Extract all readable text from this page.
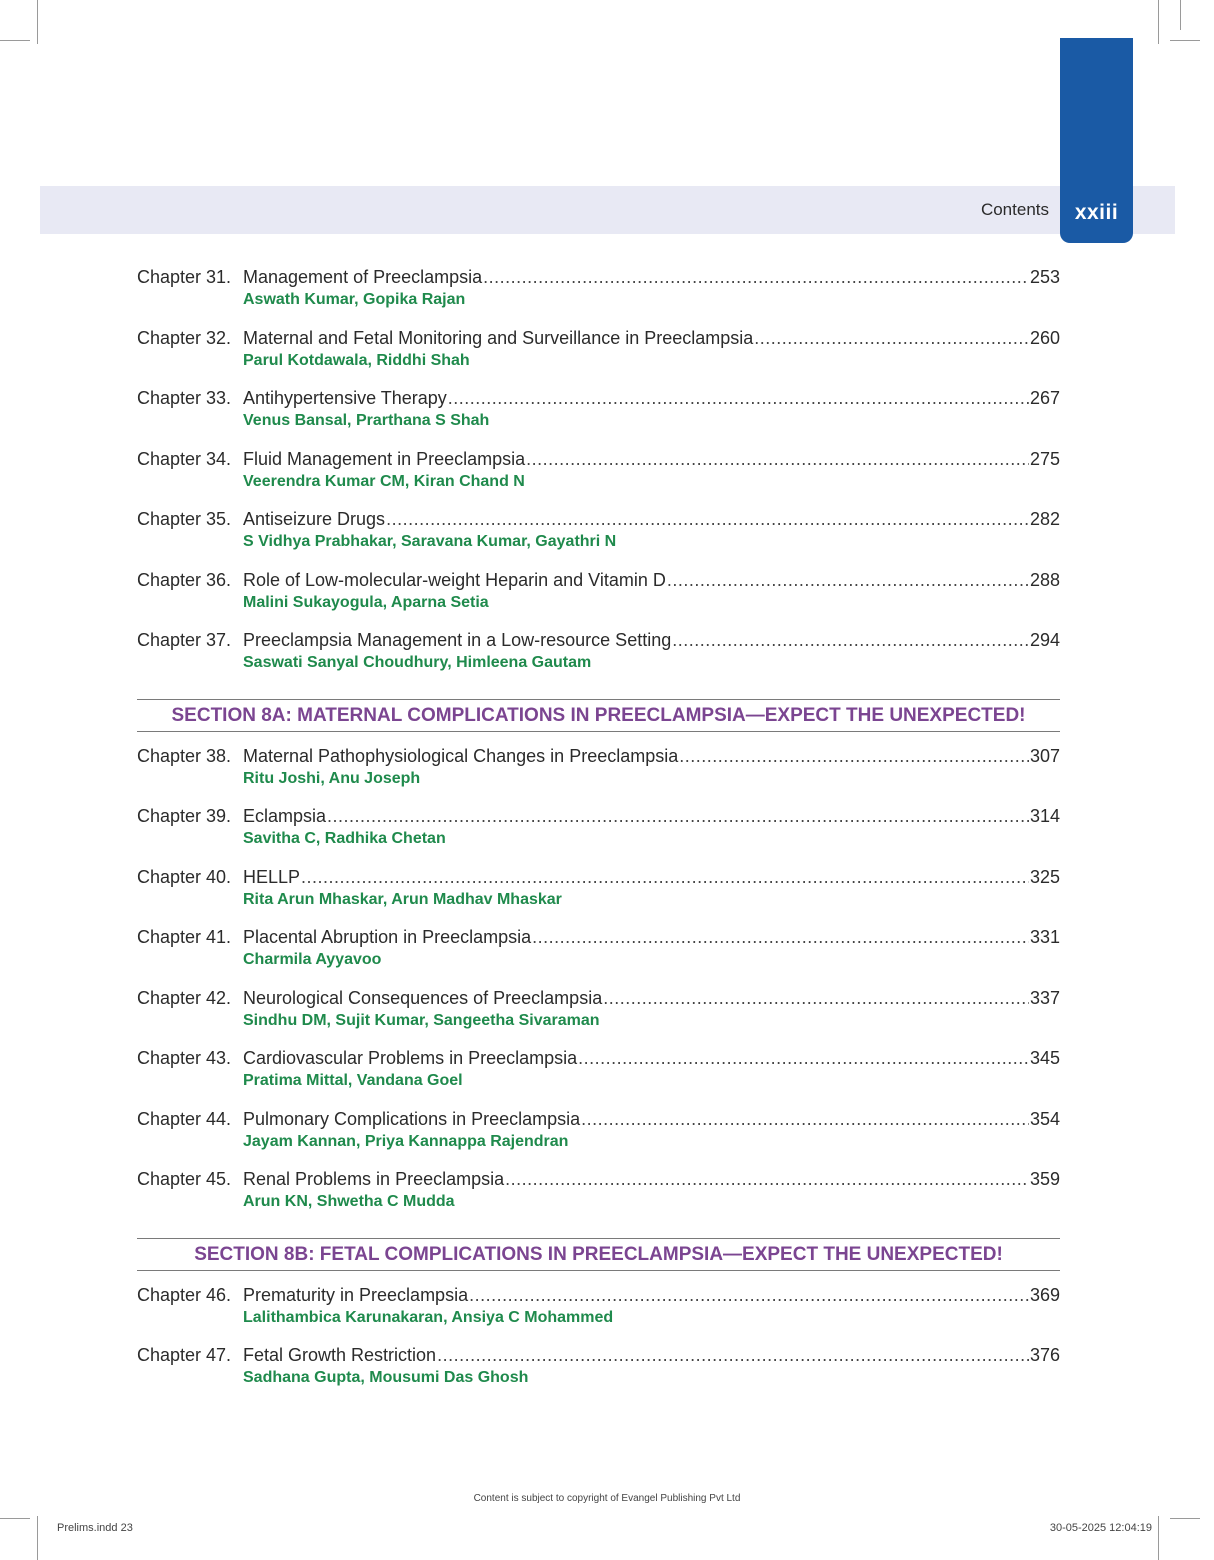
Contents	xxiii
Chapter 31. Management of Preeclampsia .....	253
Aswath Kumar, Gopika Rajan
Chapter 32. Maternal and Fetal Monitoring and Surveillance in Preeclampsia .....	260
Parul Kotdawala, Riddhi Shah
Chapter 33. Antihypertensive Therapy .....	267
Venus Bansal, Prarthana S Shah
Chapter 34. Fluid Management in Preeclampsia .....	275
Veerendra Kumar CM, Kiran Chand N
Chapter 35. Antiseizure Drugs .....	282
S Vidhya Prabhakar, Saravana Kumar, Gayathri N
Chapter 36. Role of Low-molecular-weight Heparin and Vitamin D .....	288
Malini Sukayogula, Aparna Setia
Chapter 37. Preeclampsia Management in a Low-resource Setting .....	294
Saswati Sanyal Choudhury, Himleena Gautam
SECTION 8A: MATERNAL COMPLICATIONS IN PREECLAMPSIA—EXPECT THE UNEXPECTED!
Chapter 38. Maternal Pathophysiological Changes in Preeclampsia .....	307
Ritu Joshi, Anu Joseph
Chapter 39. Eclampsia .....	314
Savitha C, Radhika Chetan
Chapter 40. HELLP .....	325
Rita Arun Mhaskar, Arun Madhav Mhaskar
Chapter 41. Placental Abruption in Preeclampsia .....	331
Charmila Ayyavoo
Chapter 42. Neurological Consequences of Preeclampsia .....	337
Sindhu DM, Sujit Kumar, Sangeetha Sivaraman
Chapter 43. Cardiovascular Problems in Preeclampsia .....	345
Pratima Mittal, Vandana Goel
Chapter 44. Pulmonary Complications in Preeclampsia .....	354
Jayam Kannan, Priya Kannappa Rajendran
Chapter 45. Renal Problems in Preeclampsia .....	359
Arun KN, Shwetha C Mudda
SECTION 8B: FETAL COMPLICATIONS IN PREECLAMPSIA—EXPECT THE UNEXPECTED!
Chapter 46. Prematurity in Preeclampsia .....	369
Lalithambica Karunakaran, Ansiya C Mohammed
Chapter 47. Fetal Growth Restriction .....	376
Sadhana Gupta, Mousumi Das Ghosh
Content is subject to copyright of Evangel Publishing Pvt Ltd
Prelims.indd 23	30-05-2025 12:04:19
